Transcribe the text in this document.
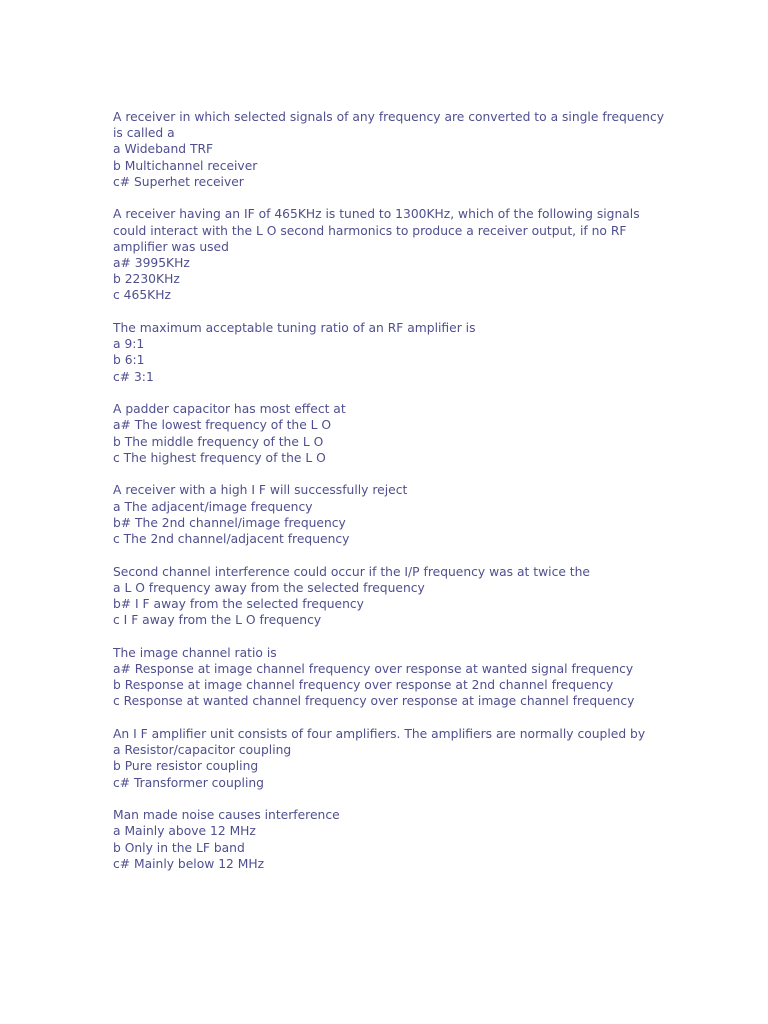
A receiver in which selected signals of any frequency are converted to a single frequency is called a
a Wideband TRF
b Multichannel receiver
c# Superhet receiver
A receiver having an IF of 465KHz is tuned to 1300KHz, which of the following signals could interact with the L O second harmonics to produce a receiver output, if no RF amplifier was used
a# 3995KHz
b 2230KHz
c 465KHz
The maximum acceptable tuning ratio of an RF amplifier is
a 9:1
b 6:1
c# 3:1
A padder capacitor has most effect at
a# The lowest frequency of the L O
b The middle frequency of the L O
c The highest frequency of the L O
A receiver with a high I F will successfully reject
a The adjacent/image frequency
b# The 2nd channel/image frequency
c The 2nd channel/adjacent frequency
Second channel interference could occur if the I/P frequency was at twice the
a L O frequency away from the selected frequency
b# I F away from the selected frequency
c I F away from the L O frequency
The image channel ratio is
a# Response at image channel frequency over response at wanted signal frequency
b Response at image channel frequency over response at 2nd channel frequency
c Response at wanted channel frequency over response at image channel frequency
An I F amplifier unit consists of four amplifiers. The amplifiers are normally coupled by
a Resistor/capacitor coupling
b Pure resistor coupling
c# Transformer coupling
Man made noise causes interference
a Mainly above 12 MHz
b Only in the LF band
c# Mainly below 12 MHz
